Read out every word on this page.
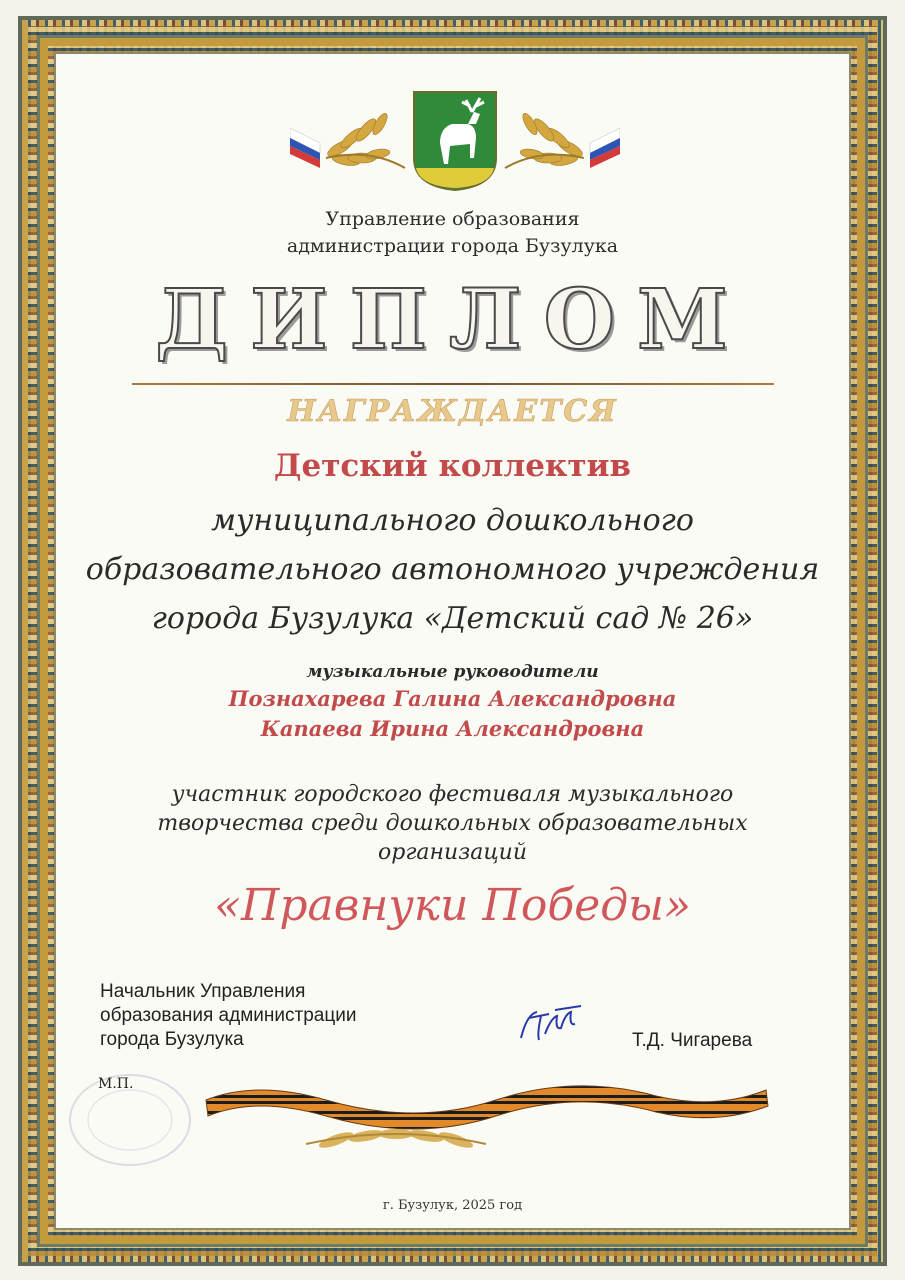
Управление образования
администрации города Бузулука
ДИПЛОМ
НАГРАЖДАЕТСЯ
Детский коллектив
муниципального дошкольного
образовательного автономного учреждения
города Бузулука «Детский сад № 26»
музыкальные руководители
Познахарева Галина Александровна
Капаева Ирина Александровна
участник городского фестиваля музыкального
творчества среди дошкольных образовательных
организаций
«Правнуки Победы»
Начальник Управления
образования администрации
города Бузулука	Т.Д. Чигарева
М.П.
г. Бузулук, 2025 год
